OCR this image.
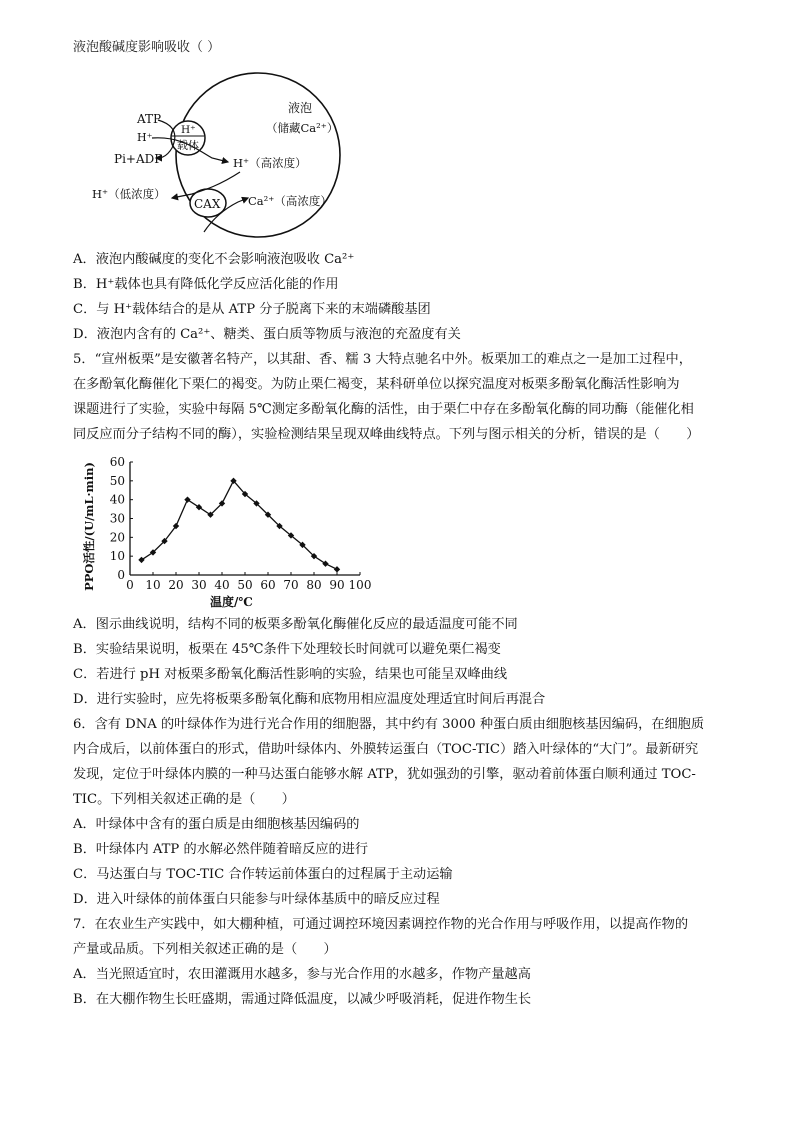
液泡酸碱度影响吸收（ ）
H⁺
载体
CAX
ATP
H⁺
Pi+ADP
液泡
（储藏Ca²⁺）
H⁺（高浓度）
H⁺（低浓度）	Ca²⁺（高浓度）
A．液泡内酸碱度的变化不会影响液泡吸收 Ca²⁺
B．H⁺载体也具有降低化学反应活化能的作用
C．与 H⁺载体结合的是从 ATP 分子脱离下来的末端磷酸基团
D．液泡内含有的 Ca²⁺、糖类、蛋白质等物质与液泡的充盈度有关
5．“宣州板栗”是安徽著名特产，以其甜、香、糯 3 大特点驰名中外。板栗加工的难点之一是加工过程中，
在多酚氧化酶催化下栗仁的褐变。为防止栗仁褐变，某科研单位以探究温度对板栗多酚氧化酶活性影响为
课题进行了实验，实验中每隔 5℃测定多酚氧化酶的活性，由于栗仁中存在多酚氧化酶的同功酶（能催化相
同反应而分子结构不同的酶），实验检测结果呈现双峰曲线特点。下列与图示相关的分析，错误的是（　　）
0 10 20 30 40 50 60 70 80 90 100
0
10
20
30
40
50
60
温度/℃
PPO活性/(U/mL·min)
A．图示曲线说明，结构不同的板栗多酚氧化酶催化反应的最适温度可能不同
B．实验结果说明，板栗在 45℃条件下处理较长时间就可以避免栗仁褐变
C．若进行 pH 对板栗多酚氧化酶活性影响的实验，结果也可能呈双峰曲线
D．进行实验时，应先将板栗多酚氧化酶和底物用相应温度处理适宜时间后再混合
6．含有 DNA 的叶绿体作为进行光合作用的细胞器，其中约有 3000 种蛋白质由细胞核基因编码，在细胞质
内合成后，以前体蛋白的形式，借助叶绿体内、外膜转运蛋白（TOC-TIC）踏入叶绿体的“大门”。最新研究
发现，定位于叶绿体内膜的一种马达蛋白能够水解 ATP，犹如强劲的引擎，驱动着前体蛋白顺利通过 TOC-
TIC。下列相关叙述正确的是（　　）
A．叶绿体中含有的蛋白质是由细胞核基因编码的
B．叶绿体内 ATP 的水解必然伴随着暗反应的进行
C．马达蛋白与 TOC-TIC 合作转运前体蛋白的过程属于主动运输
D．进入叶绿体的前体蛋白只能参与叶绿体基质中的暗反应过程
7．在农业生产实践中，如大棚种植，可通过调控环境因素调控作物的光合作用与呼吸作用，以提高作物的
产量或品质。下列相关叙述正确的是（　　）
A．当光照适宜时，农田灌溉用水越多，参与光合作用的水越多，作物产量越高
B．在大棚作物生长旺盛期，需通过降低温度，以减少呼吸消耗，促进作物生长
